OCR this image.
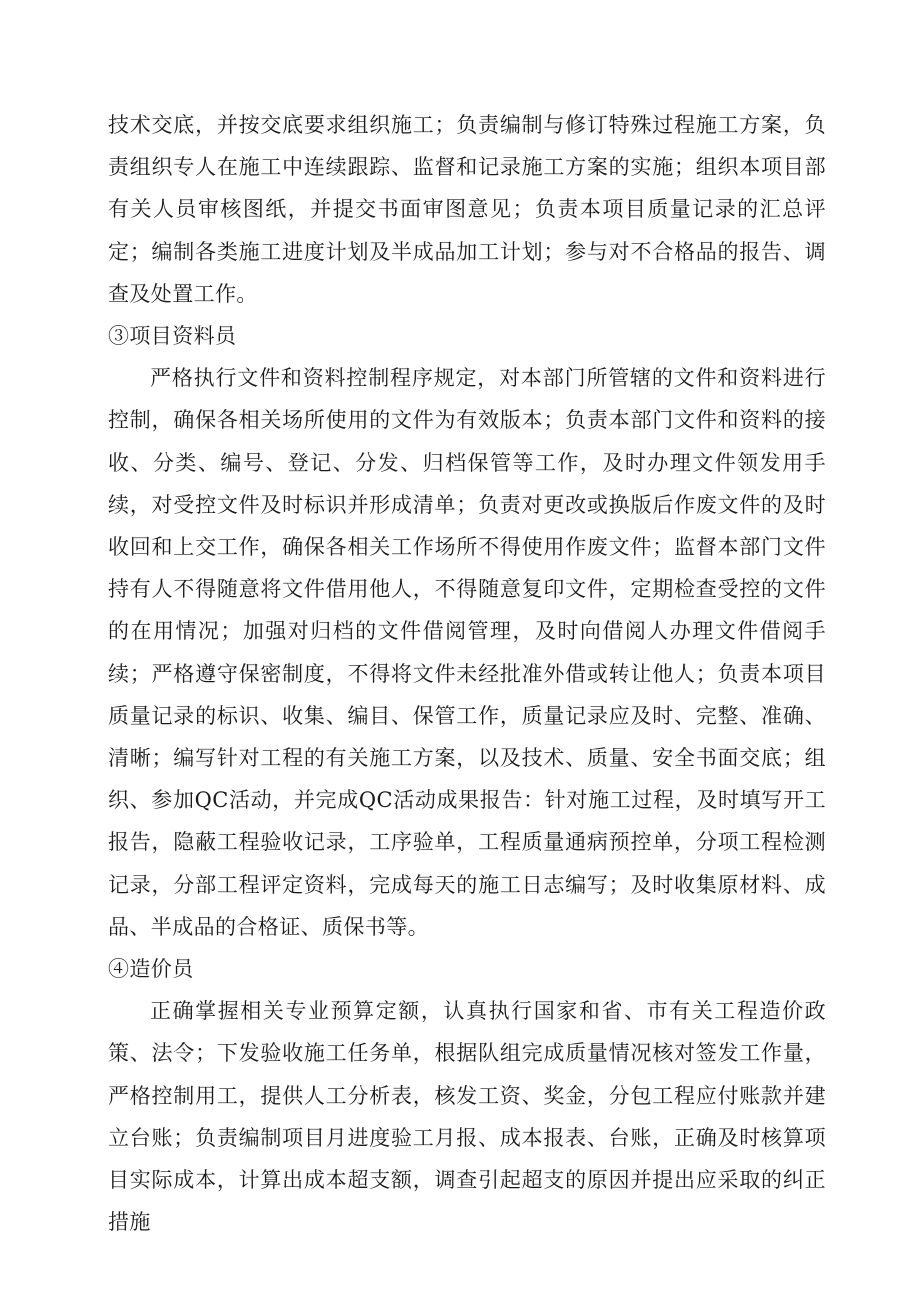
技术交底，并按交底要求组织施工；负责编制与修订特殊过程施工方案，负责组织专人在施工中连续跟踪、监督和记录施工方案的实施；组织本项目部有关人员审核图纸，并提交书面审图意见；负责本项目质量记录的汇总评定；编制各类施工进度计划及半成品加工计划；参与对不合格品的报告、调查及处置工作。

③项目资料员

严格执行文件和资料控制程序规定，对本部门所管辖的文件和资料进行控制，确保各相关场所使用的文件为有效版本；负责本部门文件和资料的接收、分类、编号、登记、分发、归档保管等工作，及时办理文件领发用手续，对受控文件及时标识并形成清单；负责对更改或换版后作废文件的及时收回和上交工作，确保各相关工作场所不得使用作废文件；监督本部门文件持有人不得随意将文件借用他人，不得随意复印文件，定期检查受控的文件的在用情况；加强对归档的文件借阅管理，及时向借阅人办理文件借阅手续；严格遵守保密制度，不得将文件未经批准外借或转让他人；负责本项目质量记录的标识、收集、编目、保管工作，质量记录应及时、完整、准确、清晰；编写针对工程的有关施工方案，以及技术、质量、安全书面交底；组织、参加QC活动，并完成QC活动成果报告：针对施工过程，及时填写开工报告，隐蔽工程验收记录，工序验单，工程质量通病预控单，分项工程检测记录，分部工程评定资料，完成每天的施工日志编写；及时收集原材料、成品、半成品的合格证、质保书等。

④造价员

正确掌握相关专业预算定额，认真执行国家和省、市有关工程造价政策、法令；下发验收施工任务单，根据队组完成质量情况核对签发工作量，严格控制用工，提供人工分析表，核发工资、奖金，分包工程应付账款并建立台账；负责编制项目月进度验工月报、成本报表、台账，正确及时核算项目实际成本，计算出成本超支额，调查引起超支的原因并提出应采取的纠正措施
